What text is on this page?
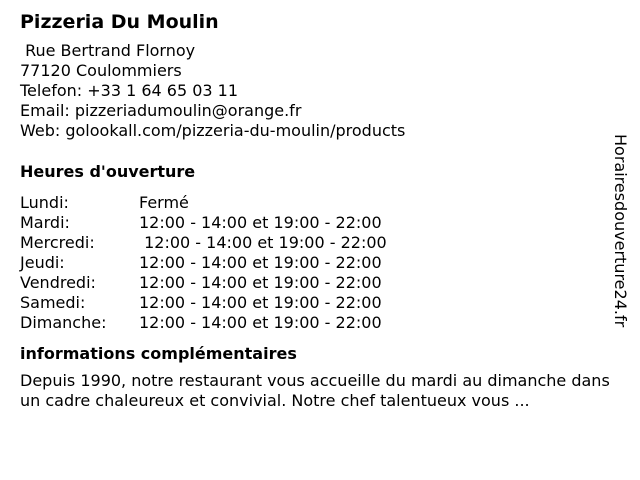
Pizzeria Du Moulin
Rue Bertrand Flornoy
77120 Coulommiers
Telefon: +33 1 64 65 03 11
Email: pizzeriadumoulin@orange.fr
Web: golookall.com/pizzeria-du-moulin/products
Heures d'ouverture
Lundi:	Fermé
Mardi:	12:00 - 14:00 et 19:00 - 22:00
Mercredi:	12:00 - 14:00 et 19:00 - 22:00
Jeudi:	12:00 - 14:00 et 19:00 - 22:00
Vendredi:	12:00 - 14:00 et 19:00 - 22:00
Samedi:	12:00 - 14:00 et 19:00 - 22:00
Dimanche:	12:00 - 14:00 et 19:00 - 22:00
informations complémentaires
Depuis 1990, notre restaurant vous accueille du mardi au dimanche dans un cadre chaleureux et convivial. Notre chef talentueux vous ...
Horairesdouverture24.fr
